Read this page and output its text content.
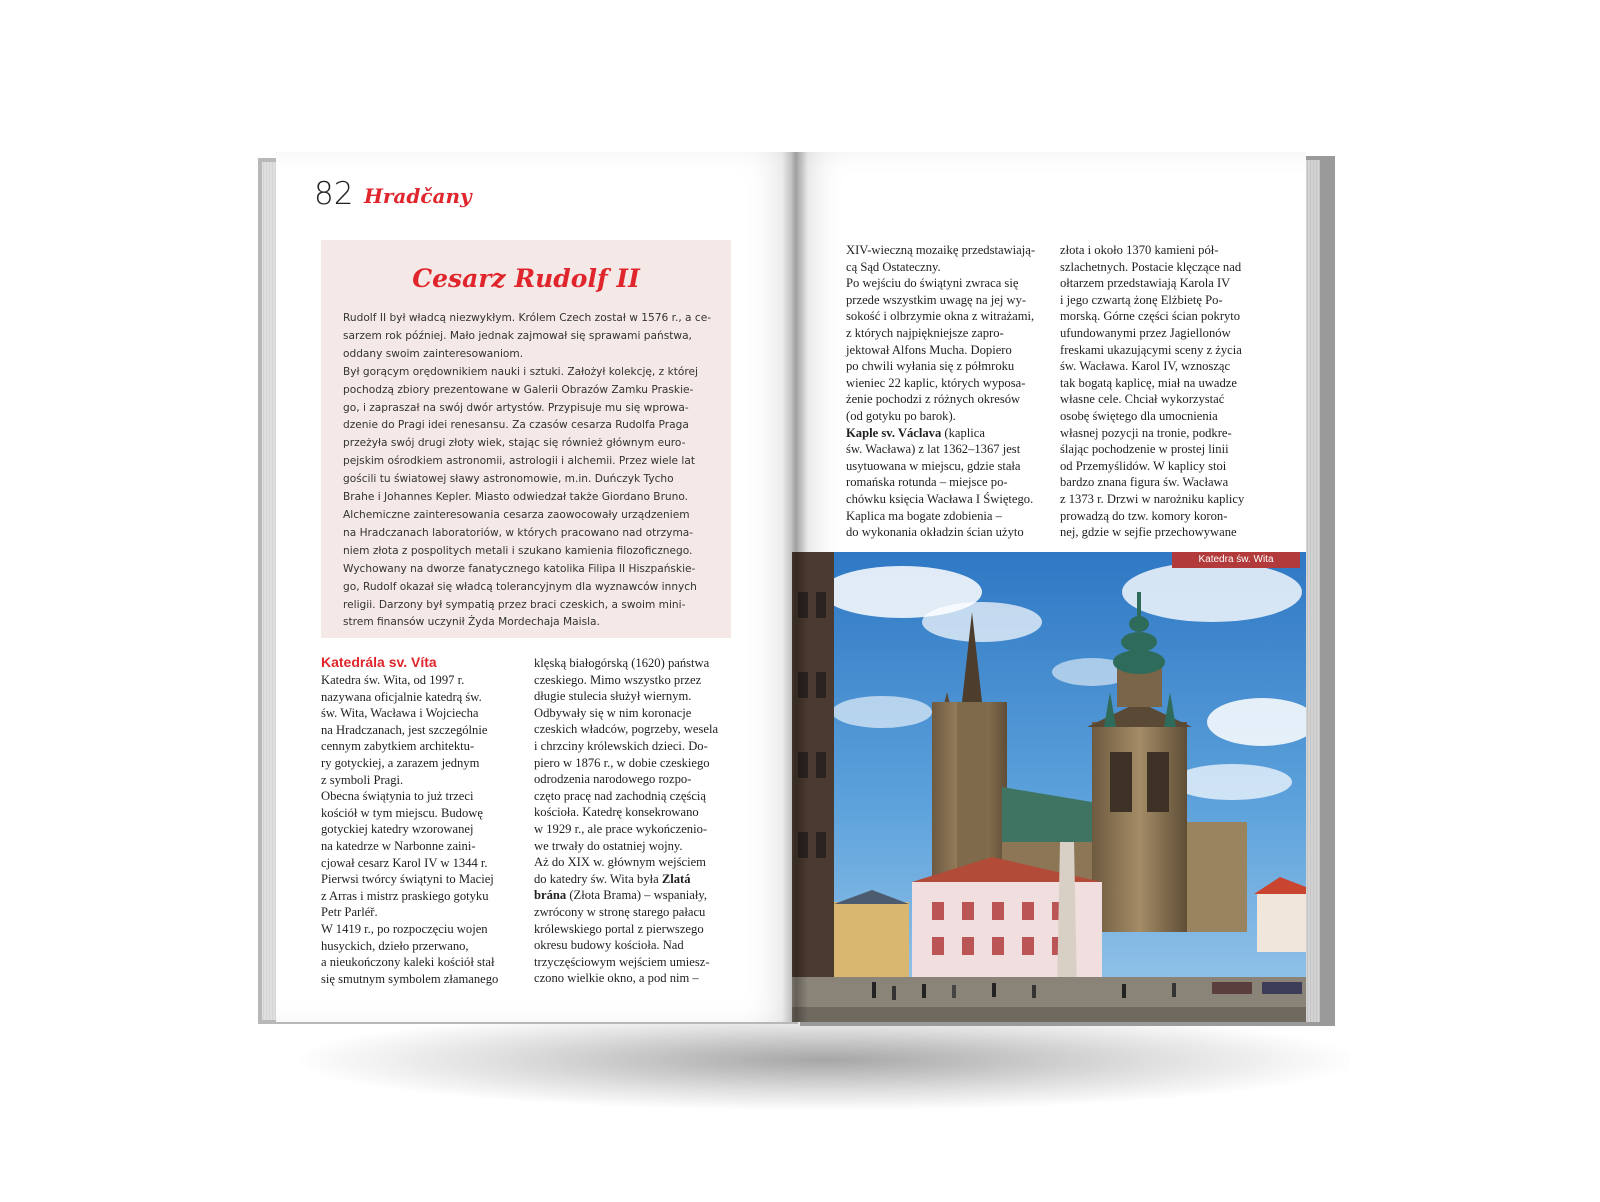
82 Hradčany
Cesarz Rudolf II
Rudolf II był władcą niezwykłym. Królem Czech został w 1576 r., a ce-
sarzem rok później. Mało jednak zajmował się sprawami państwa,
oddany swoim zainteresowaniom.
Był gorącym orędownikiem nauki i sztuki. Założył kolekcję, z której
pochodzą zbiory prezentowane w Galerii Obrazów Zamku Praskie-
go, i zapraszał na swój dwór artystów. Przypisuje mu się wprowa-
dzenie do Pragi idei renesansu. Za czasów cesarza Rudolfa Praga
przeżyła swój drugi złoty wiek, stając się również głównym euro-
pejskim ośrodkiem astronomii, astrologii i alchemii. Przez wiele lat
gościli tu światowej sławy astronomowie, m.in. Duńczyk Tycho
Brahe i Johannes Kepler. Miasto odwiedzał także Giordano Bruno.
Alchemiczne zainteresowania cesarza zaowocowały urządzeniem
na Hradczanach laboratoriów, w których pracowano nad otrzyma-
niem złota z pospolitych metali i szukano kamienia filozoficznego.
Wychowany na dworze fanatycznego katolika Filipa II Hiszpańskie-
go, Rudolf okazał się władcą tolerancyjnym dla wyznawców innych
religii. Darzony był sympatią przez braci czeskich, a swoim mini-
strem finansów uczynił Żyda Mordechaja Maisla.
Katedrála sv. Víta
Katedra św. Wita, od 1997 r.
nazywana oficjalnie katedrą św.
św. Wita, Wacława i Wojciecha
na Hradczanach, jest szczególnie
cennym zabytkiem architektu-
ry gotyckiej, a zarazem jednym
z symboli Pragi.
Obecna świątynia to już trzeci
kościół w tym miejscu. Budowę
gotyckiej katedry wzorowanej
na katedrze w Narbonne zaini-
cjował cesarz Karol IV w 1344 r.
Pierwsi twórcy świątyni to Maciej
z Arras i mistrz praskiego gotyku
Petr Parléř.
W 1419 r., po rozpoczęciu wojen
husyckich, dzieło przerwano,
a nieukończony kaleki kościół stał
się smutnym symbolem złamanego
klęską białogórską (1620) państwa
czeskiego. Mimo wszystko przez
długie stulecia służył wiernym.
Odbywały się w nim koronacje
czeskich władców, pogrzeby, wesela
i chrzciny królewskich dzieci. Do-
piero w 1876 r., w dobie czeskiego
odrodzenia narodowego rozpo-
częto pracę nad zachodnią częścią
kościoła. Katedrę konsekrowano
w 1929 r., ale prace wykończenio-
we trwały do ostatniej wojny.
Aż do XIX w. głównym wejściem
do katedry św. Wita była Zlatá
brána (Złota Brama) – wspaniały,
zwrócony w stronę starego pałacu
królewskiego portal z pierwszego
okresu budowy kościoła. Nad
trzyczęściowym wejściem umiesz-
czono wielkie okno, a pod nim –
XIV-wieczną mozaikę przedstawiają-
cą Sąd Ostateczny.
Po wejściu do świątyni zwraca się
przede wszystkim uwagę na jej wy-
sokość i olbrzymie okna z witrażami,
z których najpiękniejsze zapro-
jektował Alfons Mucha. Dopiero
po chwili wyłania się z półmroku
wieniec 22 kaplic, których wyposa-
żenie pochodzi z różnych okresów
(od gotyku po barok).
Kaple sv. Václava (kaplica
św. Wacława) z lat 1362–1367 jest
usytuowana w miejscu, gdzie stała
romańska rotunda – miejsce po-
chówku księcia Wacława I Świętego.
Kaplica ma bogate zdobienia –
do wykonania okładzin ścian użyto
złota i około 1370 kamieni pół-
szlachetnych. Postacie klęczące nad
ołtarzem przedstawiają Karola IV
i jego czwartą żonę Elżbietę Po-
morską. Górne części ścian pokryto
ufundowanymi przez Jagiellonów
freskami ukazującymi sceny z życia
św. Wacława. Karol IV, wznosząc
tak bogatą kaplicę, miał na uwadze
własne cele. Chciał wykorzystać
osobę świętego dla umocnienia
własnej pozycji na tronie, podkre-
ślając pochodzenie w prostej linii
od Przemyślidów. W kaplicy stoi
bardzo znana figura św. Wacława
z 1373 r. Drzwi w narożniku kaplicy
prowadzą do tzw. komory koron-
nej, gdzie w sejfie przechowywane
Katedra św. Wita
